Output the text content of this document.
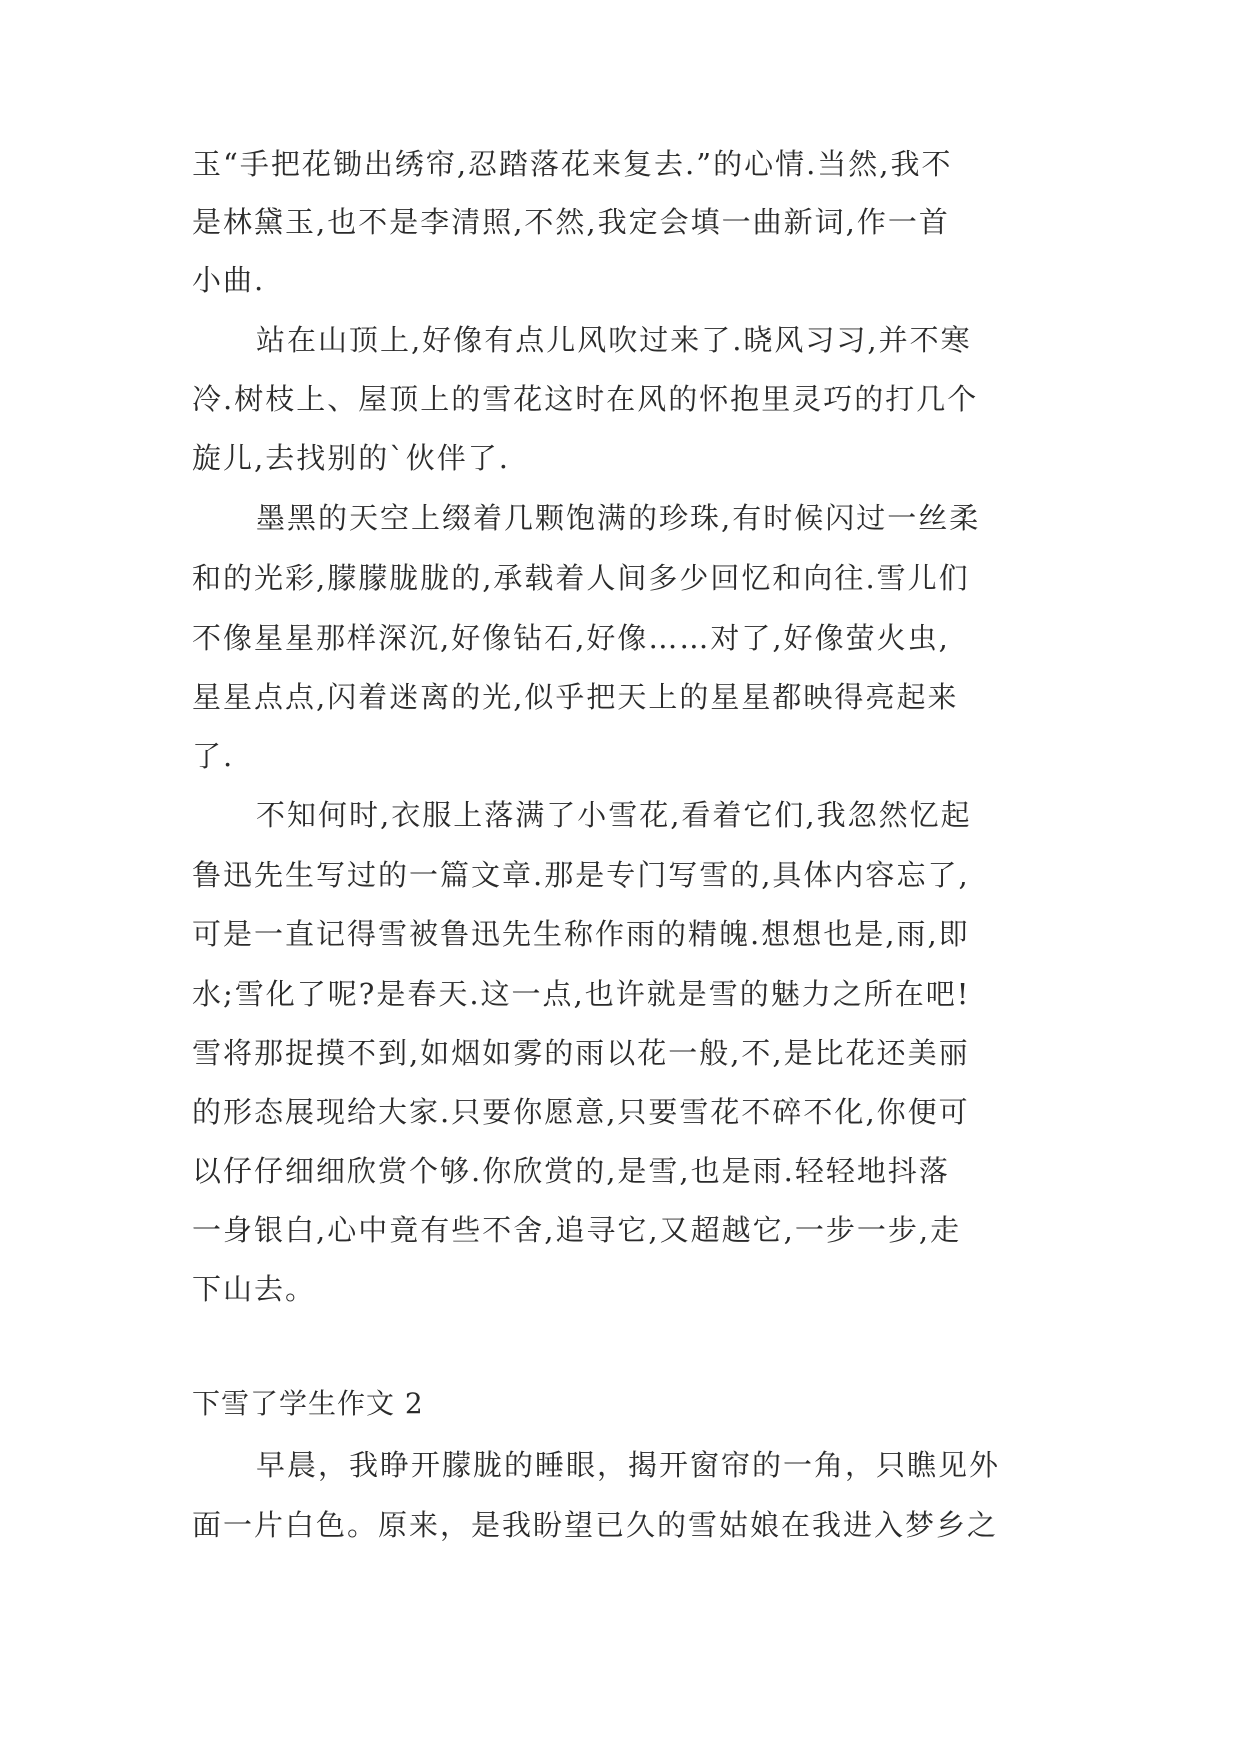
玉“手把花锄出绣帘,忍踏落花来复去.”的心情.当然,我不
是林黛玉,也不是李清照,不然,我定会填一曲新词,作一首
小曲.
站在山顶上,好像有点儿风吹过来了.晓风习习,并不寒
冷.树枝上、屋顶上的雪花这时在风的怀抱里灵巧的打几个
旋儿,去找别的`伙伴了.
墨黑的天空上缀着几颗饱满的珍珠,有时候闪过一丝柔
和的光彩,朦朦胧胧的,承载着人间多少回忆和向往.雪儿们
不像星星那样深沉,好像钻石,好像……对了,好像萤火虫,
星星点点,闪着迷离的光,似乎把天上的星星都映得亮起来
了.
不知何时,衣服上落满了小雪花,看着它们,我忽然忆起
鲁迅先生写过的一篇文章.那是专门写雪的,具体内容忘了,
可是一直记得雪被鲁迅先生称作雨的精魄.想想也是,雨,即
水;雪化了呢?是春天.这一点,也许就是雪的魅力之所在吧!
雪将那捉摸不到,如烟如雾的雨以花一般,不,是比花还美丽
的形态展现给大家.只要你愿意,只要雪花不碎不化,你便可
以仔仔细细欣赏个够.你欣赏的,是雪,也是雨.轻轻地抖落
一身银白,心中竟有些不舍,追寻它,又超越它,一步一步,走
下山去。
下雪了学生作文 2
早晨，我睁开朦胧的睡眼，揭开窗帘的一角，只瞧见外
面一片白色。原来，是我盼望已久的雪姑娘在我进入梦乡之
